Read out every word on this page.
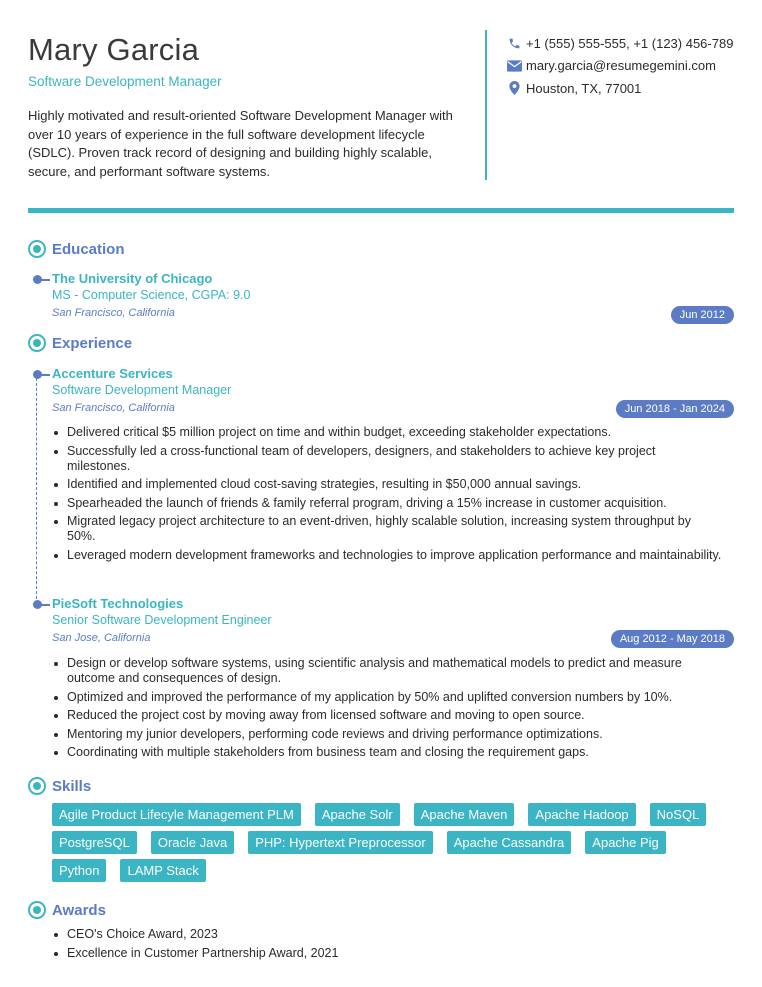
Mary Garcia
Software Development Manager

Highly motivated and result-oriented Software Development Manager with over 10 years of experience in the full software development lifecycle (SDLC). Proven track record of designing and building highly scalable, secure, and performant software systems.

+1 (555) 555-555, +1 (123) 456-789
mary.garcia@resumegemini.com
Houston, TX, 77001
Education
The University of Chicago
MS - Computer Science, CGPA: 9.0
San Francisco, California	Jun 2012
Experience
Accenture Services
Software Development Manager
San Francisco, California	Jun 2018 - Jan 2024
Delivered critical $5 million project on time and within budget, exceeding stakeholder expectations.
Successfully led a cross-functional team of developers, designers, and stakeholders to achieve key project milestones.
Identified and implemented cloud cost-saving strategies, resulting in $50,000 annual savings.
Spearheaded the launch of friends & family referral program, driving a 15% increase in customer acquisition.
Migrated legacy project architecture to an event-driven, highly scalable solution, increasing system throughput by 50%.
Leveraged modern development frameworks and technologies to improve application performance and maintainability.
PieSoft Technologies
Senior Software Development Engineer
San Jose, California	Aug 2012 - May 2018
Design or develop software systems, using scientific analysis and mathematical models to predict and measure outcome and consequences of design.
Optimized and improved the performance of my application by 50% and uplifted conversion numbers by 10%.
Reduced the project cost by moving away from licensed software and moving to open source.
Mentoring my junior developers, performing code reviews and driving performance optimizations.
Coordinating with multiple stakeholders from business team and closing the requirement gaps.
Skills
Agile Product Lifecyle Management PLM	Apache Solr	Apache Maven	Apache Hadoop	NoSQL
PostgreSQL	Oracle Java	PHP: Hypertext Preprocessor	Apache Cassandra	Apache Pig
Python	LAMP Stack
Awards
CEO's Choice Award, 2023
Excellence in Customer Partnership Award, 2021
